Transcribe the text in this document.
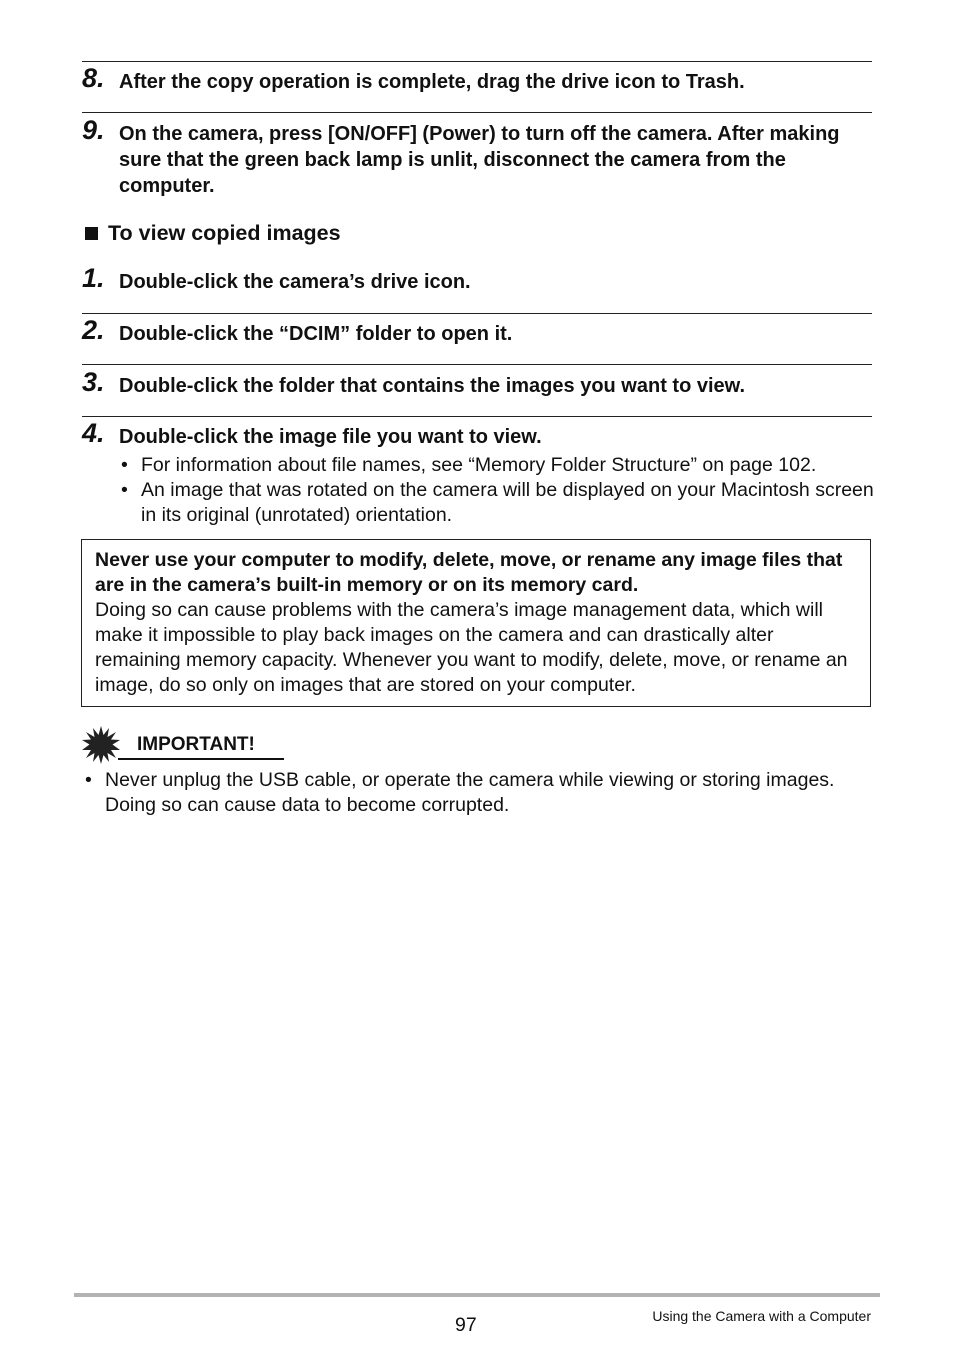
8. After the copy operation is complete, drag the drive icon to Trash.
9. On the camera, press [ON/OFF] (Power) to turn off the camera. After making sure that the green back lamp is unlit, disconnect the camera from the computer.
To view copied images
1. Double-click the camera’s drive icon.
2. Double-click the “DCIM” folder to open it.
3. Double-click the folder that contains the images you want to view.
4. Double-click the image file you want to view.
• For information about file names, see “Memory Folder Structure” on page 102.
• An image that was rotated on the camera will be displayed on your Macintosh screen in its original (unrotated) orientation.
Never use your computer to modify, delete, move, or rename any image files that are in the camera’s built-in memory or on its memory card.
Doing so can cause problems with the camera’s image management data, which will make it impossible to play back images on the camera and can drastically alter remaining memory capacity. Whenever you want to modify, delete, move, or rename an image, do so only on images that are stored on your computer.
IMPORTANT!
• Never unplug the USB cable, or operate the camera while viewing or storing images. Doing so can cause data to become corrupted.
97	Using the Camera with a Computer
